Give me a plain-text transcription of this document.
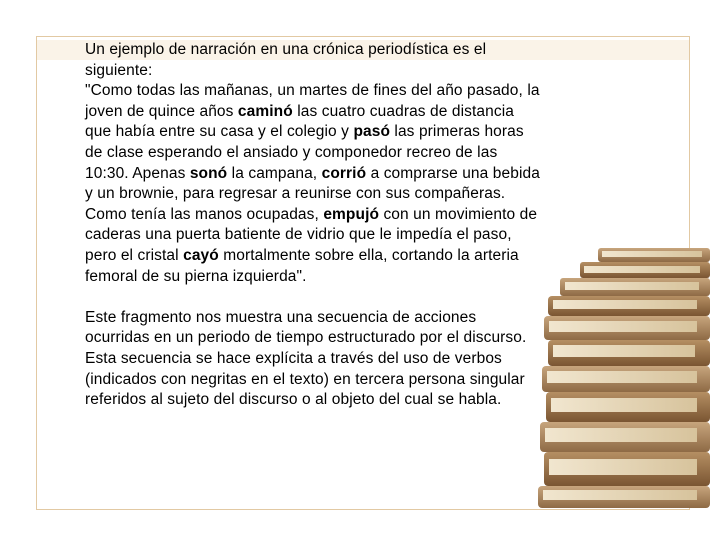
Un ejemplo de narración en una crónica periodística es el siguiente:
"Como todas las mañanas, un martes de fines del año pasado, la joven de quince años caminó las cuatro cuadras de distancia que había entre su casa y el colegio y pasó las primeras horas de clase esperando el ansiado y componedor recreo de las 10:30. Apenas sonó la campana, corrió a comprarse una bebida y un brownie, para regresar a reunirse con sus compañeras. Como tenía las manos ocupadas, empujó con un movimiento de caderas una puerta batiente de vidrio que le impedía el paso, pero el cristal cayó mortalmente sobre ella, cortando la arteria femoral de su pierna izquierda".

Este fragmento nos muestra una secuencia de acciones ocurridas en un periodo de tiempo estructurado por el discurso. Esta secuencia se hace explícita a través del uso de verbos (indicados con negritas en el texto) en tercera persona singular referidos al sujeto del discurso o al objeto del cual se habla.
